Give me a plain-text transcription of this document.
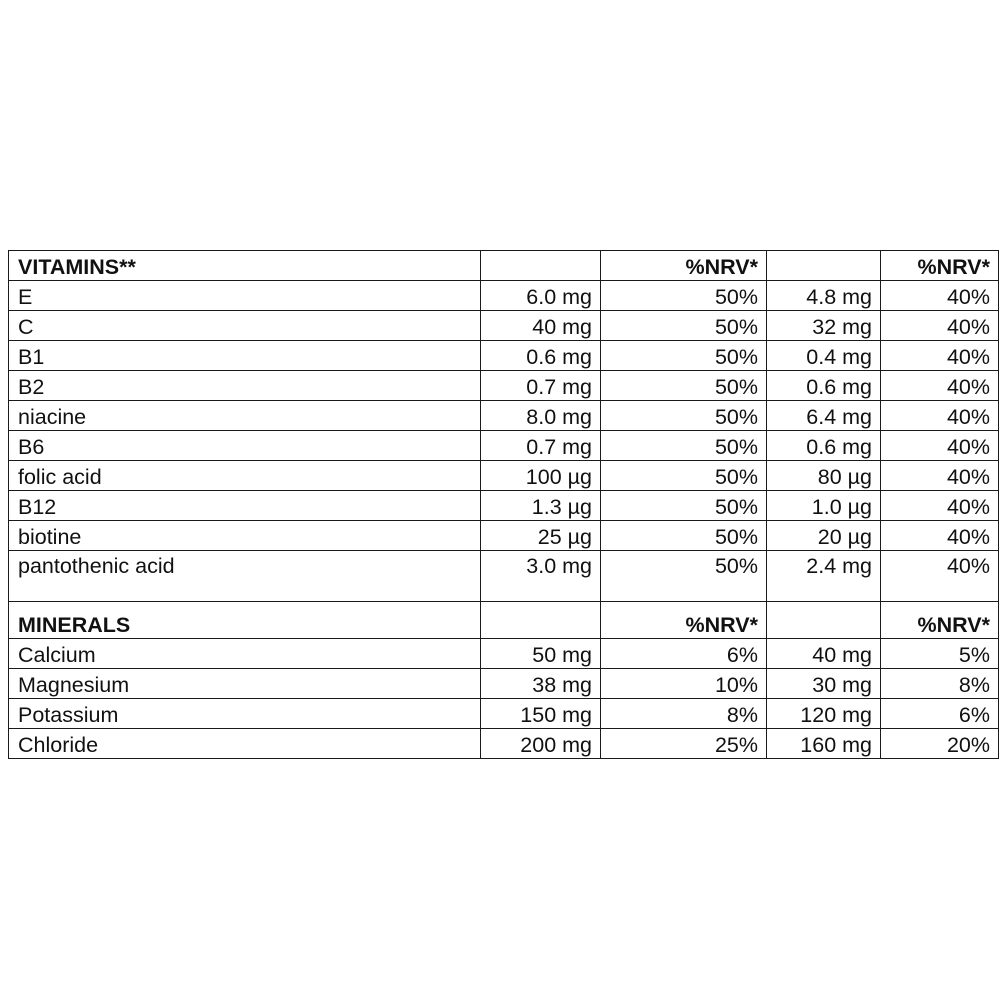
VITAMINS**		%NRV*		%NRV*
E	6.0 mg	50%	4.8 mg	40%
C	40 mg	50%	32 mg	40%
B1	0.6 mg	50%	0.4 mg	40%
B2	0.7 mg	50%	0.6 mg	40%
niacine	8.0 mg	50%	6.4 mg	40%
B6	0.7 mg	50%	0.6 mg	40%
folic acid	100 µg	50%	80 µg	40%
B12	1.3 µg	50%	1.0 µg	40%
biotine	25 µg	50%	20 µg	40%
pantothenic acid	3.0 mg	50%	2.4 mg	40%
MINERALS		%NRV*		%NRV*
Calcium	50 mg	6%	40 mg	5%
Magnesium	38 mg	10%	30 mg	8%
Potassium	150 mg	8%	120 mg	6%
Chloride	200 mg	25%	160 mg	20%
